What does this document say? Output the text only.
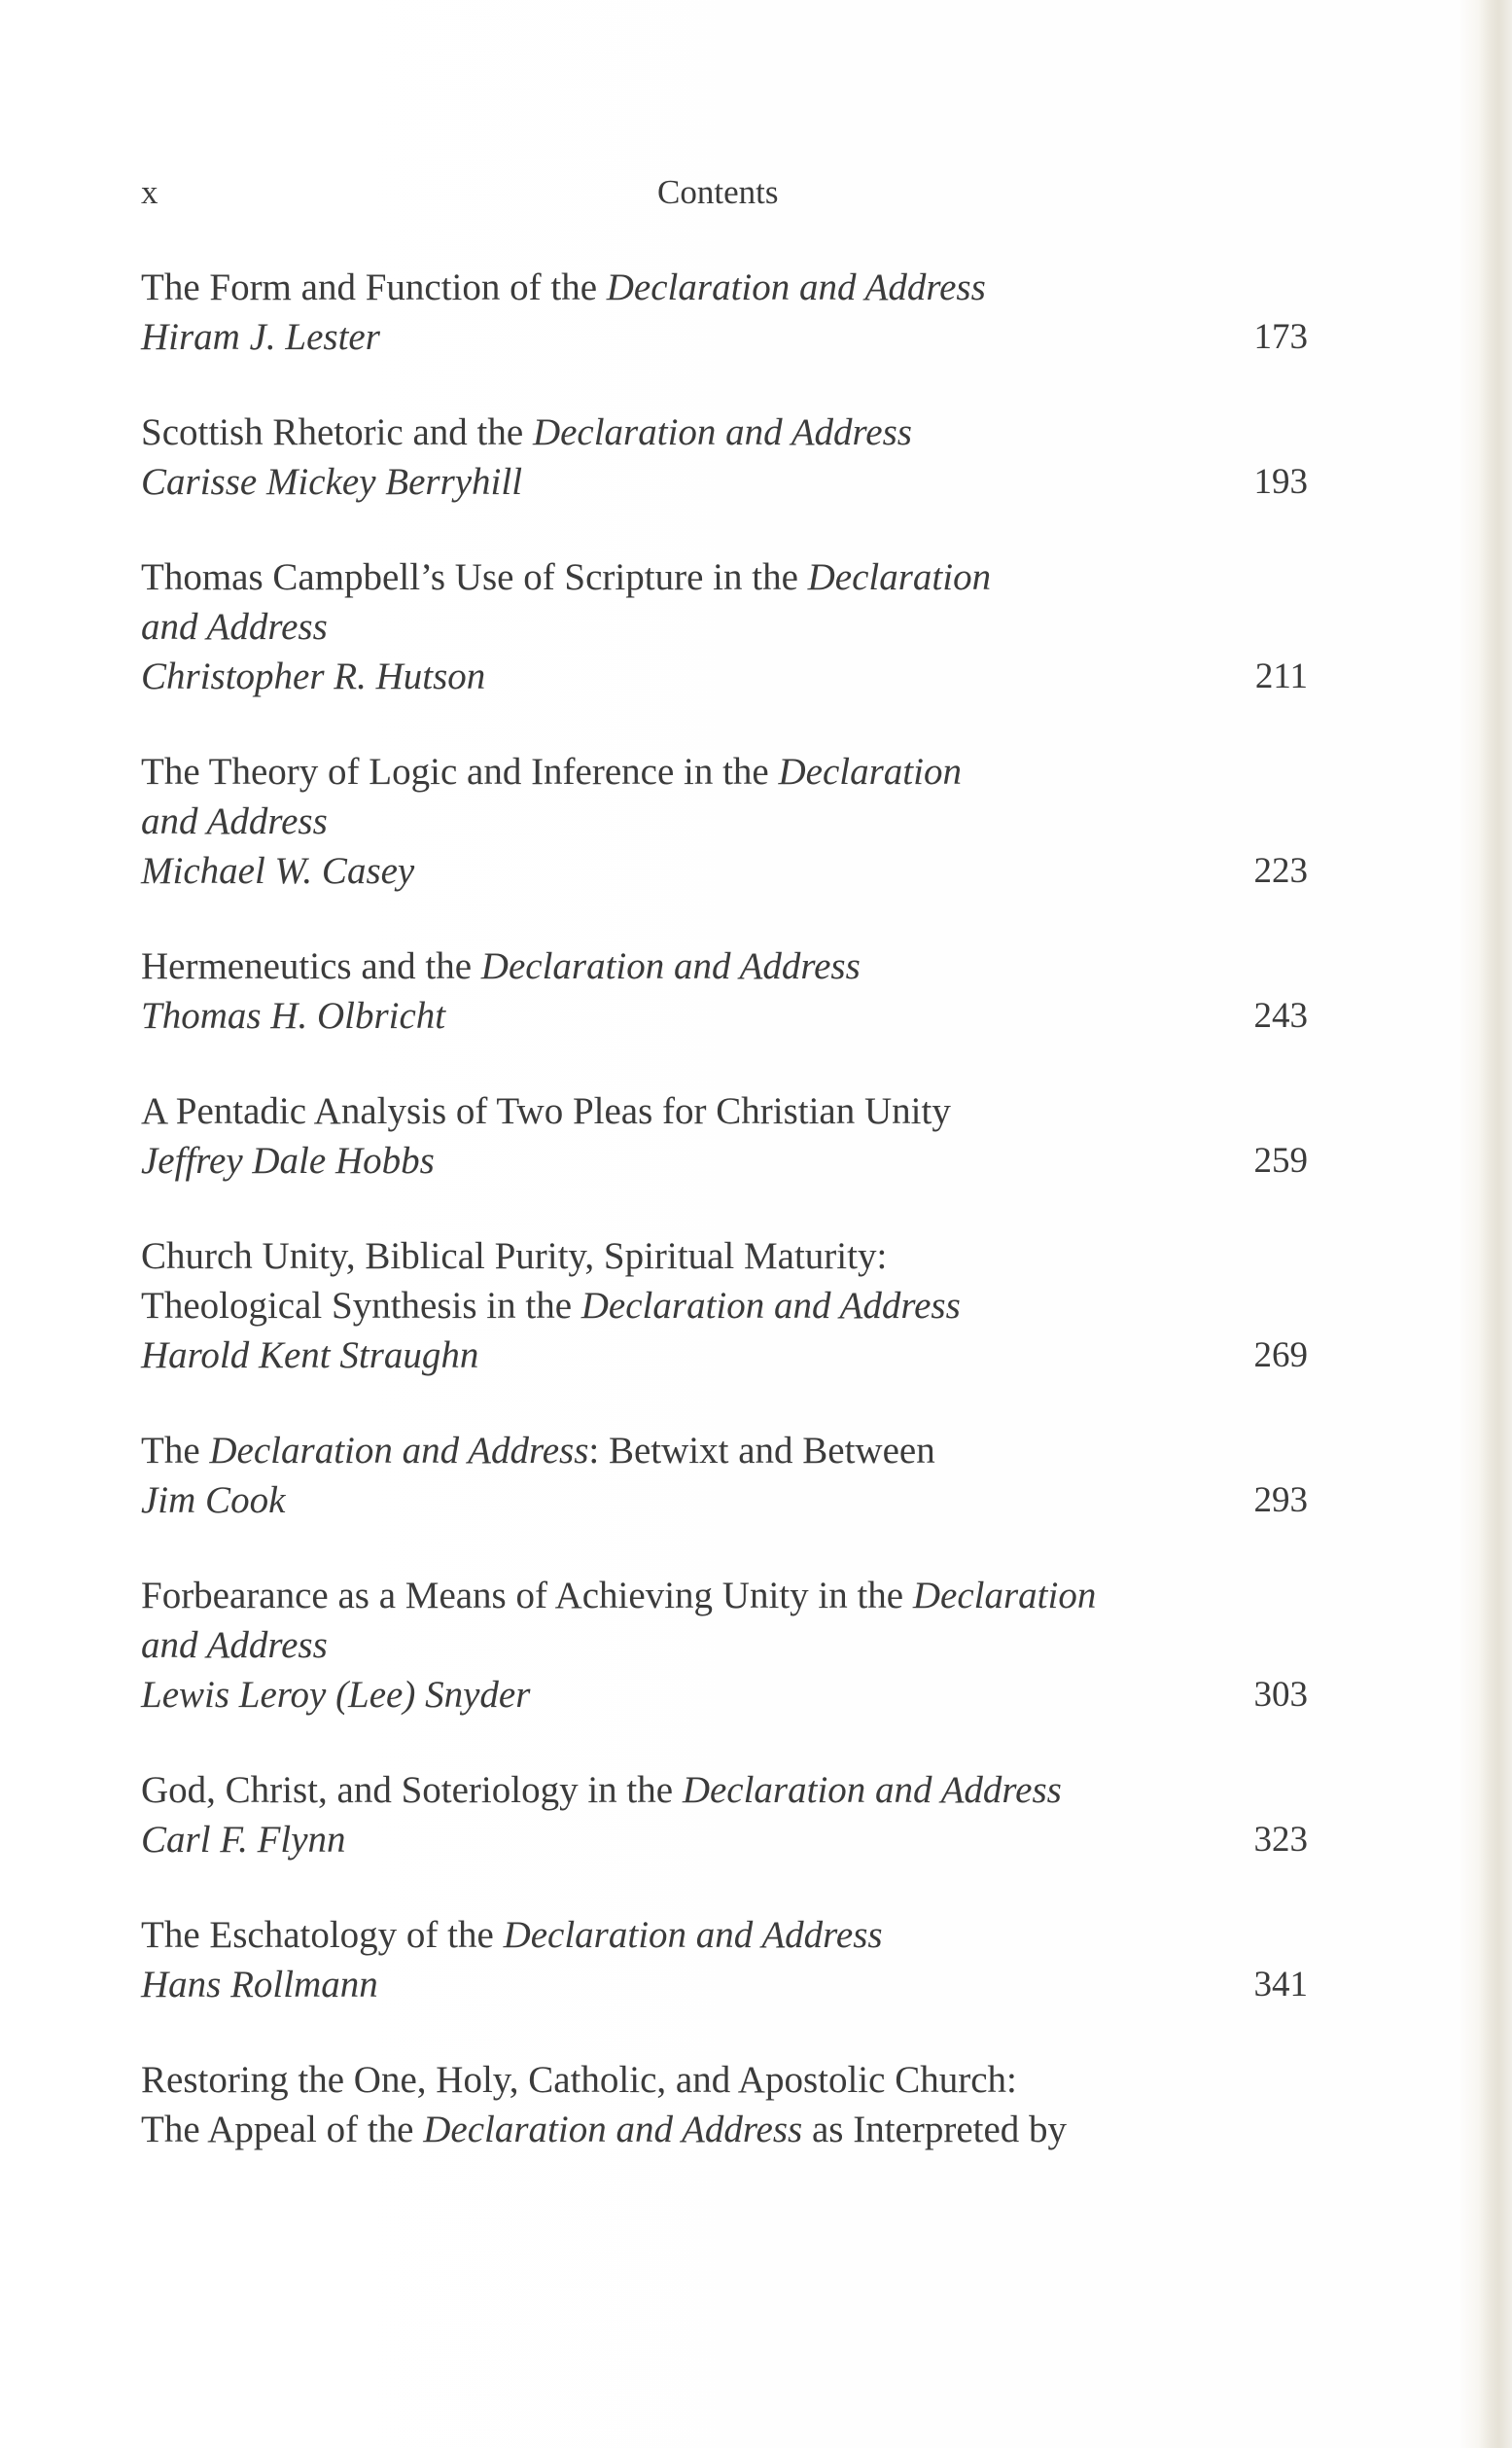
x	Contents
The Form and Function of the Declaration and Address
Hiram J. Lester	173
Scottish Rhetoric and the Declaration and Address
Carisse Mickey Berryhill	193
Thomas Campbell’s Use of Scripture in the Declaration
and Address
Christopher R. Hutson	211
The Theory of Logic and Inference in the Declaration
and Address
Michael W. Casey	223
Hermeneutics and the Declaration and Address
Thomas H. Olbricht	243
A Pentadic Analysis of Two Pleas for Christian Unity
Jeffrey Dale Hobbs	259
Church Unity, Biblical Purity, Spiritual Maturity:
Theological Synthesis in the Declaration and Address
Harold Kent Straughn	269
The Declaration and Address: Betwixt and Between
Jim Cook	293
Forbearance as a Means of Achieving Unity in the Declaration
and Address
Lewis Leroy (Lee) Snyder	303
God, Christ, and Soteriology in the Declaration and Address
Carl F. Flynn	323
The Eschatology of the Declaration and Address
Hans Rollmann	341
Restoring the One, Holy, Catholic, and Apostolic Church:
The Appeal of the Declaration and Address as Interpreted by
